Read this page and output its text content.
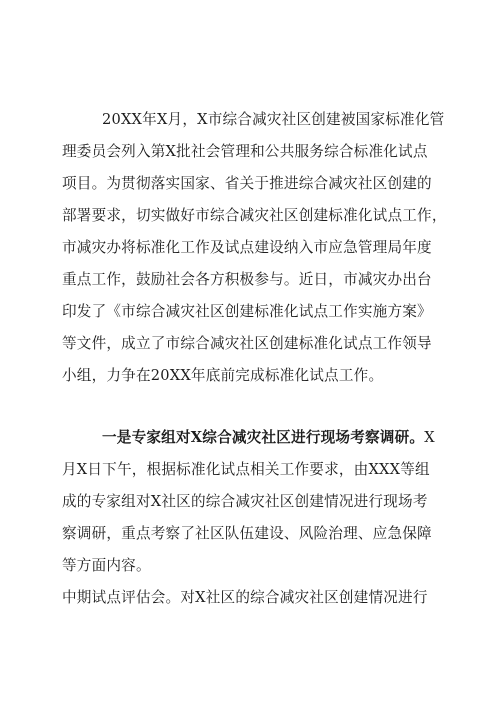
20XX年X月，X市综合减灾社区创建被国家标准化管
理委员会列入第X批社会管理和公共服务综合标准化试点
项目。为贯彻落实国家、省关于推进综合减灾社区创建的
部署要求，切实做好市综合减灾社区创建标准化试点工作，
市减灾办将标准化工作及试点建设纳入市应急管理局年度
重点工作，鼓励社会各方积极参与。近日，市减灾办出台
印发了《市综合减灾社区创建标准化试点工作实施方案》
等文件，成立了市综合减灾社区创建标准化试点工作领导
小组，力争在20XX年底前完成标准化试点工作。
一是专家组对X综合减灾社区进行现场考察调研。X
月X日下午，根据标准化试点相关工作要求，由XXX等组
成的专家组对X社区的综合减灾社区创建情况进行现场考
察调研，重点考察了社区队伍建设、风险治理、应急保障
等方面内容。
中期试点评估会。对X社区的综合减灾社区创建情况进行
